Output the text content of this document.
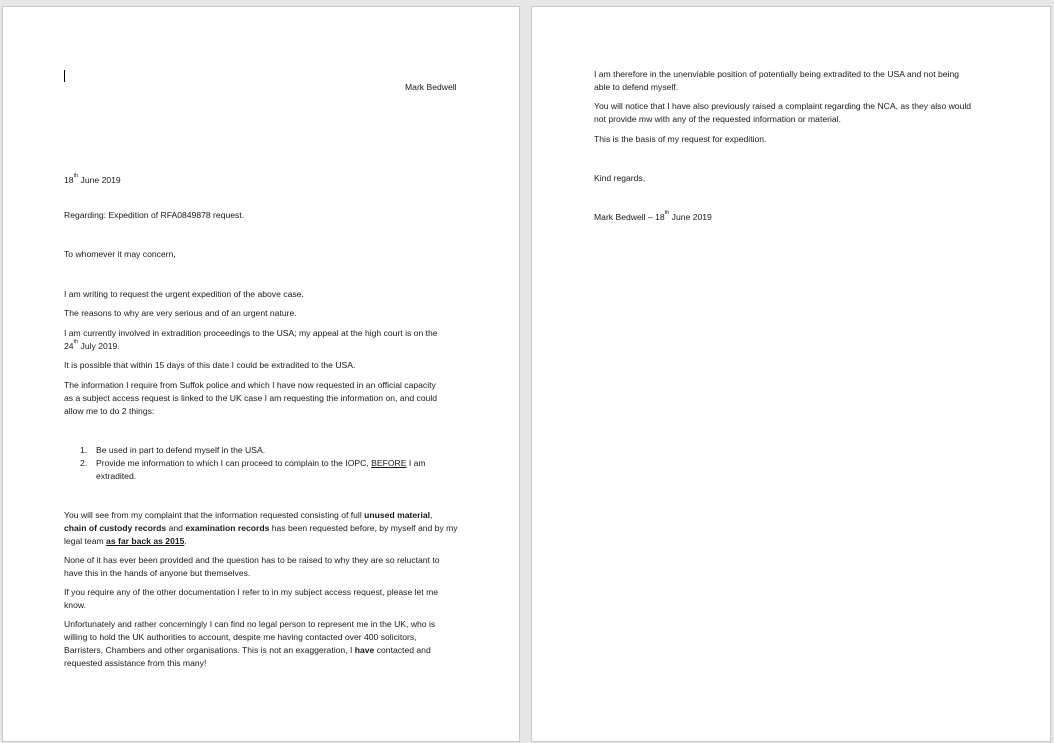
Mark Bedwell

18th June 2019

Regarding: Expedition of RFA0849878 request.

To whomever it may concern,

I am writing to request the urgent expedition of the above case.

The reasons to why are very serious and of an urgent nature.

I am currently involved in extradition proceedings to the USA; my appeal at the high court is on the

24th July 2019.

It is possible that within 15 days of this date I could be extradited to the USA.

The information I require from Suffok police and which I have now requested in an official capacity

as a subject access request is linked to the UK case I am requesting the information on, and could

allow me to do 2 things:

1. Be used in part to defend myself in the USA.

2. Provide me information to which I can proceed to complain to the IOPC, BEFORE I am

extradited.

You will see from my complaint that the information requested consisting of full unused material,

chain of custody records and examination records has been requested before, by myself and by my

legal team as far back as 2015.

None of it has ever been provided and the question has to be raised to why they are so reluctant to

have this in the hands of anyone but themselves.

If you require any of the other documentation I refer to in my subject access request, please let me

know.

Unfortunately and rather concerningly I can find no legal person to represent me in the UK, who is

willing to hold the UK authorities to account, despite me having contacted over 400 solicitors,

Barristers, Chambers and other organisations. This is not an exaggeration, I have contacted and

requested assistance from this many!

I am therefore in the unenviable position of potentially being extradited to the USA and not being

able to defend myself.

You will notice that I have also previously raised a complaint regarding the NCA, as they also would

not provide mw with any of the requested information or material.

This is the basis of my request for expedition.

Kind regards,

Mark Bedwell – 18th June 2019
